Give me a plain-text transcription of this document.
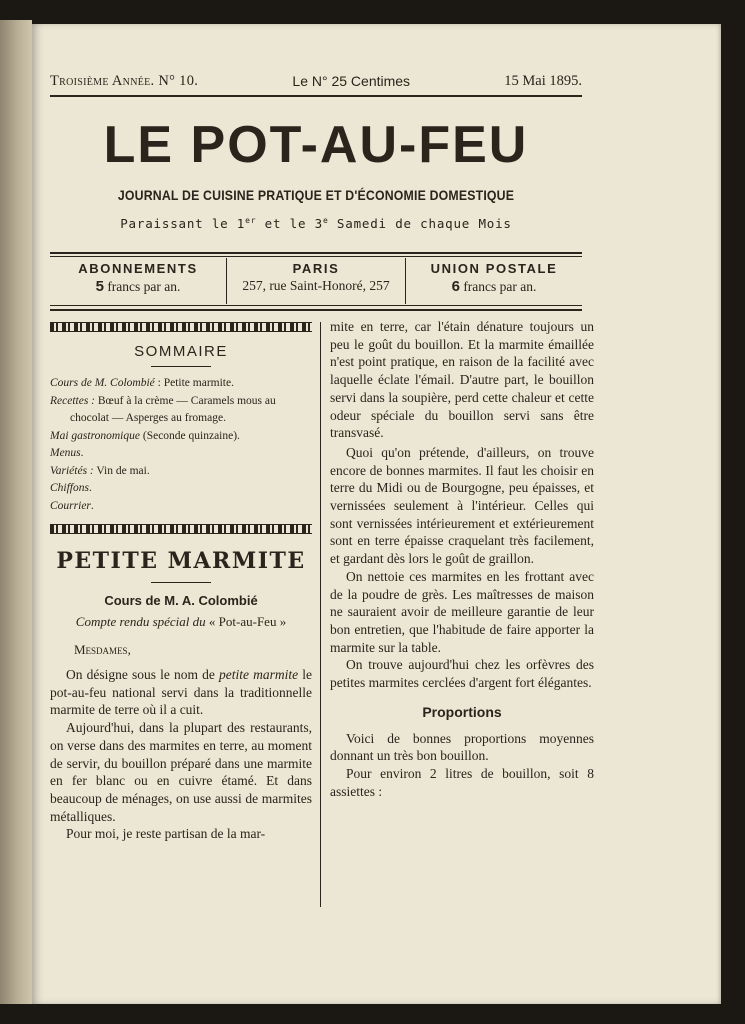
Troisième Année. N° 10.	Le N° 25 Centimes	15 Mai 1895.
LE POT-AU-FEU
JOURNAL DE CUISINE PRATIQUE ET D'ÉCONOMIE DOMESTIQUE
Paraissant le 1er et le 3e Samedi de chaque Mois
ABONNEMENTS
5 francs par an.
PARIS
257, rue Saint-Honoré, 257
UNION POSTALE
6 francs par an.
SOMMAIRE
Cours de M. Colombié : Petite marmite.
Recettes : Bœuf à la crème — Caramels mous au
chocolat — Asperges au fromage.
Mai gastronomique (Seconde quinzaine).
Menus.
Variétés : Vin de mai.
Chiffons.
Courrier.
PETITE MARMITE
Cours de M. A. Colombié
Compte rendu spécial du « Pot-au-Feu »
Mesdames,
On désigne sous le nom de petite marmite le pot-au-feu national servi dans la traditionnelle marmite de terre où il a cuit.
Aujourd'hui, dans la plupart des restaurants, on verse dans des marmites en terre, au moment de servir, du bouillon préparé dans une marmite en fer blanc ou en cuivre étamé. Et dans beaucoup de ménages, on use aussi de marmites métalliques.
Pour moi, je reste partisan de la mar-
mite en terre, car l'étain dénature toujours un peu le goût du bouillon. Et la marmite émaillée n'est point pratique, en raison de la facilité avec laquelle éclate l'émail. D'autre part, le bouillon servi dans la soupière, perd cette chaleur et cette odeur spéciale du bouillon servi sans être transvasé.
Quoi qu'on prétende, d'ailleurs, on trouve encore de bonnes marmites. Il faut les choisir en terre du Midi ou de Bourgogne, peu épaisses, et vernissées seulement à l'intérieur. Celles qui sont vernissées intérieurement et extérieurement sont en terre épaisse craquelant très facilement, et gardant dès lors le goût de graillon.
On nettoie ces marmites en les frottant avec de la poudre de grès. Les maîtresses de maison ne sauraient avoir de meilleure garantie de leur bon entretien, que l'habitude de faire apporter la marmite sur la table.
On trouve aujourd'hui chez les orfèvres des petites marmites cerclées d'argent fort élégantes.
Proportions
Voici de bonnes proportions moyennes donnant un très bon bouillon.
Pour environ 2 litres de bouillon, soit 8 assiettes :
